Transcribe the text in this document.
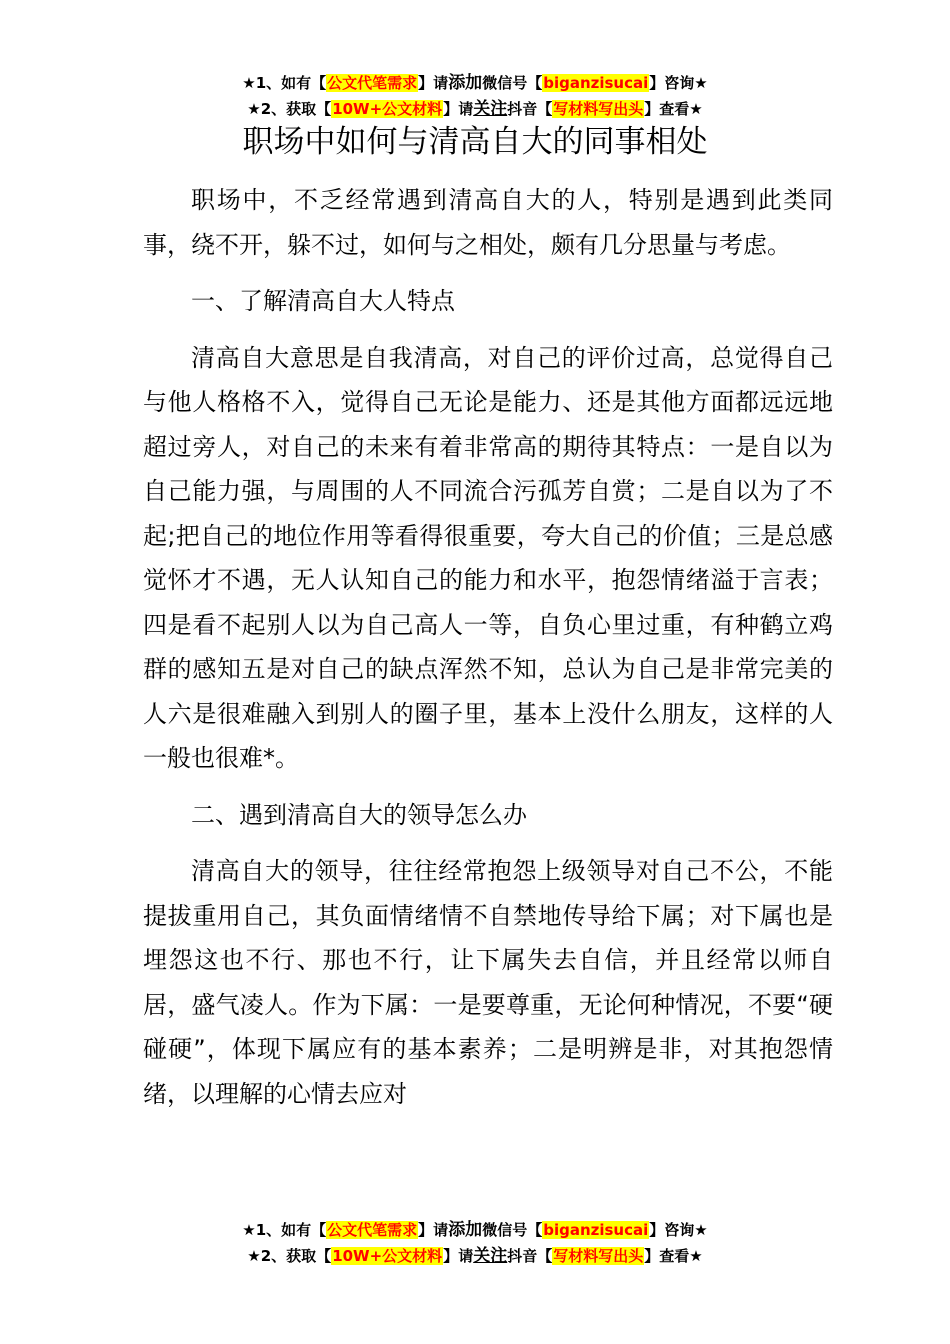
★1、如有【公文代笔需求】请添加微信号【biganzisucai】咨询★
★2、获取【10W+公文材料】请关注抖音【写材料写出头】查看★
职场中如何与清高自大的同事相处

职场中，不乏经常遇到清高自大的人，特别是遇到此类同事，绕不开，躲不过，如何与之相处，颇有几分思量与考虑。

一、了解清高自大人特点

清高自大意思是自我清高，对自己的评价过高，总觉得自己与他人格格不入，觉得自己无论是能力、还是其他方面都远远地超过旁人，对自己的未来有着非常高的期待其特点：一是自以为自己能力强，与周围的人不同流合污孤芳自赏；二是自以为了不起;把自己的地位作用等看得很重要，夸大自己的价值；三是总感觉怀才不遇，无人认知自己的能力和水平，抱怨情绪溢于言表；四是看不起别人以为自己高人一等，自负心里过重，有种鹤立鸡群的感知五是对自己的缺点浑然不知，总认为自己是非常完美的人六是很难融入到别人的圈子里，基本上没什么朋友，这样的人一般也很难*。

二、遇到清高自大的领导怎么办

清高自大的领导，往往经常抱怨上级领导对自己不公，不能提拔重用自己，其负面情绪情不自禁地传导给下属；对下属也是埋怨这也不行、那也不行，让下属失去自信，并且经常以师自居，盛气凌人。作为下属：一是要尊重，无论何种情况，不要“硬碰硬”，体现下属应有的基本素养；二是明辨是非，对其抱怨情绪，以理解的心情去应对

★1、如有【公文代笔需求】请添加微信号【biganzisucai】咨询★
★2、获取【10W+公文材料】请关注抖音【写材料写出头】查看★
